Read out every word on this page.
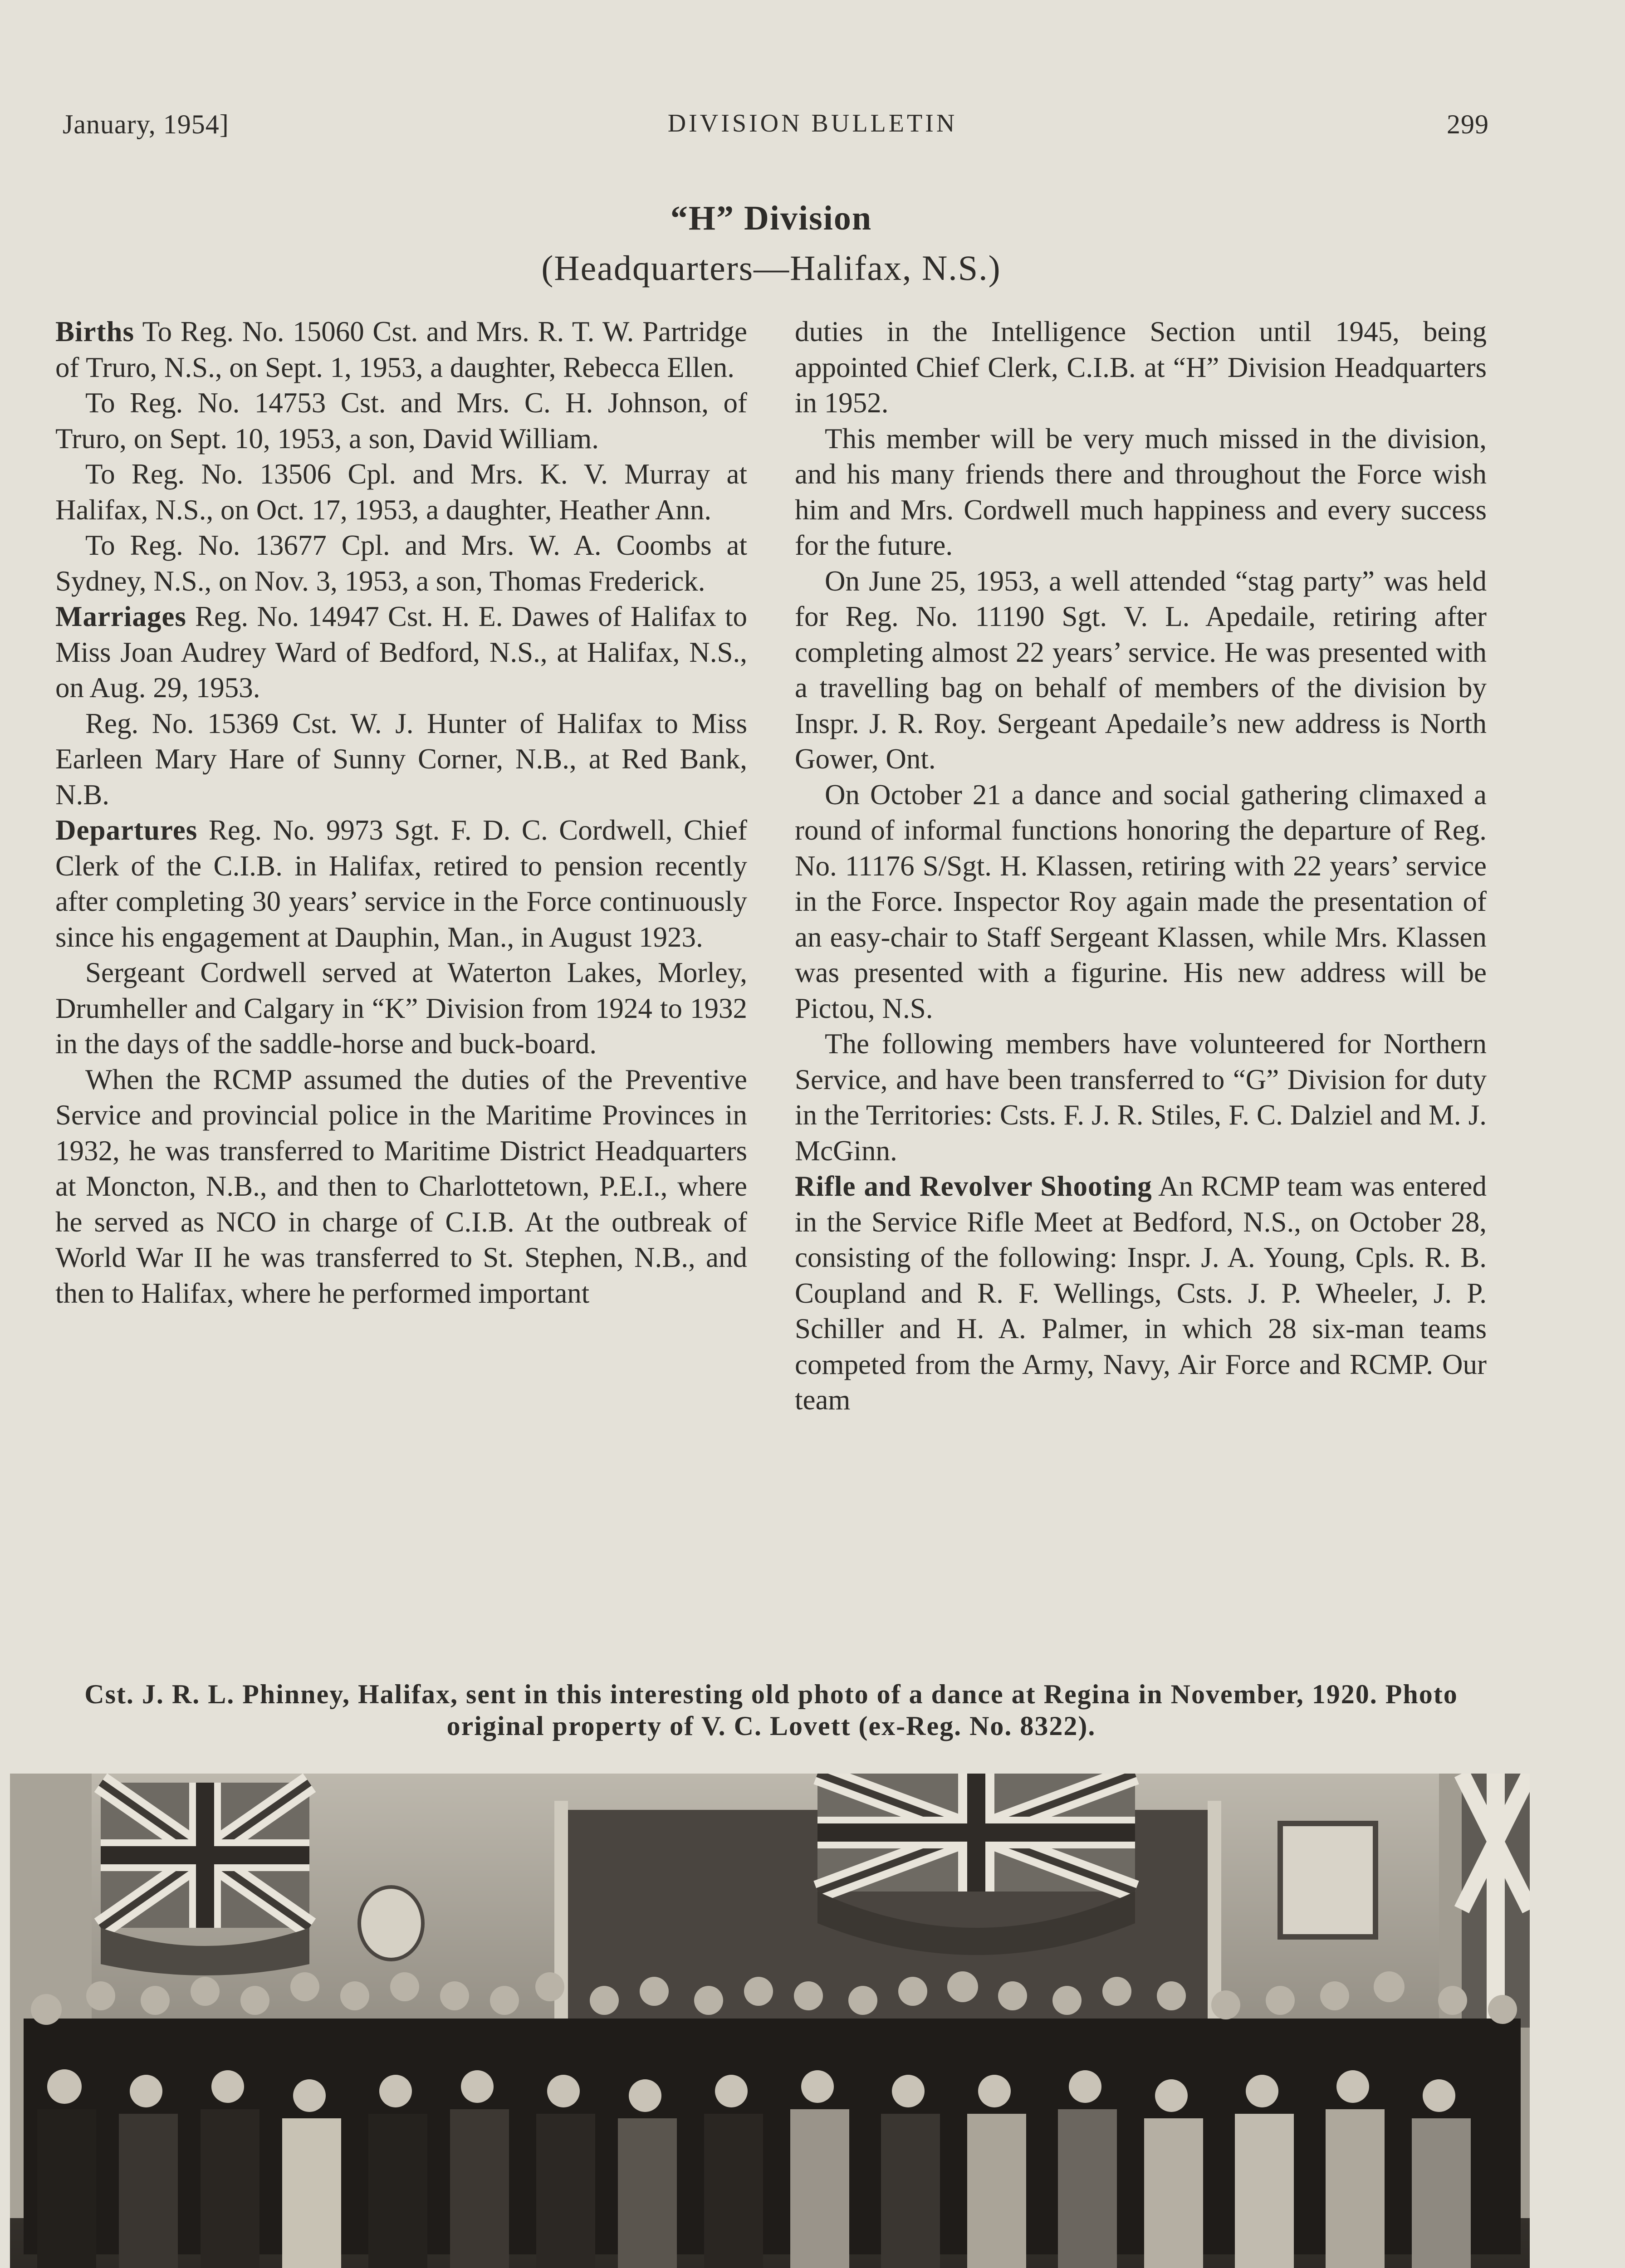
January, 1954]	DIVISION BULLETIN	299
“H” Division
(Headquarters—Halifax, N.S.)

Births To Reg. No. 15060 Cst. and Mrs. R. T. W. Partridge of Truro, N.S., on Sept. 1, 1953, a daughter, Rebecca Ellen.

To Reg. No. 14753 Cst. and Mrs. C. H. Johnson, of Truro, on Sept. 10, 1953, a son, David William.

To Reg. No. 13506 Cpl. and Mrs. K. V. Murray at Halifax, N.S., on Oct. 17, 1953, a daughter, Heather Ann.

To Reg. No. 13677 Cpl. and Mrs. W. A. Coombs at Sydney, N.S., on Nov. 3, 1953, a son, Thomas Frederick.

Marriages Reg. No. 14947 Cst. H. E. Dawes of Halifax to Miss Joan Audrey Ward of Bedford, N.S., at Halifax, N.S., on Aug. 29, 1953.

Reg. No. 15369 Cst. W. J. Hunter of Halifax to Miss Earleen Mary Hare of Sunny Corner, N.B., at Red Bank, N.B.

Departures Reg. No. 9973 Sgt. F. D. C. Cordwell, Chief Clerk of the C.I.B. in Halifax, retired to pension recently after completing 30 years’ service in the Force continuously since his engagement at Dauphin, Man., in August 1923.

Sergeant Cordwell served at Waterton Lakes, Morley, Drumheller and Calgary in “K” Division from 1924 to 1932 in the days of the saddle-horse and buck-board.

When the RCMP assumed the duties of the Preventive Service and provincial police in the Maritime Provinces in 1932, he was transferred to Maritime District Headquarters at Moncton, N.B., and then to Charlottetown, P.E.I., where he served as NCO in charge of C.I.B. At the outbreak of World War II he was transferred to St. Stephen, N.B., and then to Halifax, where he performed important

duties in the Intelligence Section until 1945, being appointed Chief Clerk, C.I.B. at “H” Division Headquarters in 1952.

This member will be very much missed in the division, and his many friends there and throughout the Force wish him and Mrs. Cordwell much happiness and every success for the future.

On June 25, 1953, a well attended “stag party” was held for Reg. No. 11190 Sgt. V. L. Apedaile, retiring after completing almost 22 years’ service. He was presented with a travelling bag on behalf of members of the division by Inspr. J. R. Roy. Sergeant Apedaile’s new address is North Gower, Ont.

On October 21 a dance and social gathering climaxed a round of informal functions honoring the departure of Reg. No. 11176 S/Sgt. H. Klassen, retiring with 22 years’ service in the Force. Inspector Roy again made the presentation of an easy-chair to Staff Sergeant Klassen, while Mrs. Klassen was presented with a figurine. His new address will be Pictou, N.S.

The following members have volunteered for Northern Service, and have been transferred to “G” Division for duty in the Territories: Csts. F. J. R. Stiles, F. C. Dalziel and M. J. McGinn.

Rifle and Revolver Shooting An RCMP team was entered in the Service Rifle Meet at Bedford, N.S., on October 28, consisting of the following: Inspr. J. A. Young, Cpls. R. B. Coupland and R. F. Wellings, Csts. J. P. Wheeler, J. P. Schiller and H. A. Palmer, in which 28 six-man teams competed from the Army, Navy, Air Force and RCMP. Our team

Cst. J. R. L. Phinney, Halifax, sent in this interesting old photo of a dance at Regina in November, 1920. Photo original property of V. C. Lovett (ex-Reg. No. 8322).
